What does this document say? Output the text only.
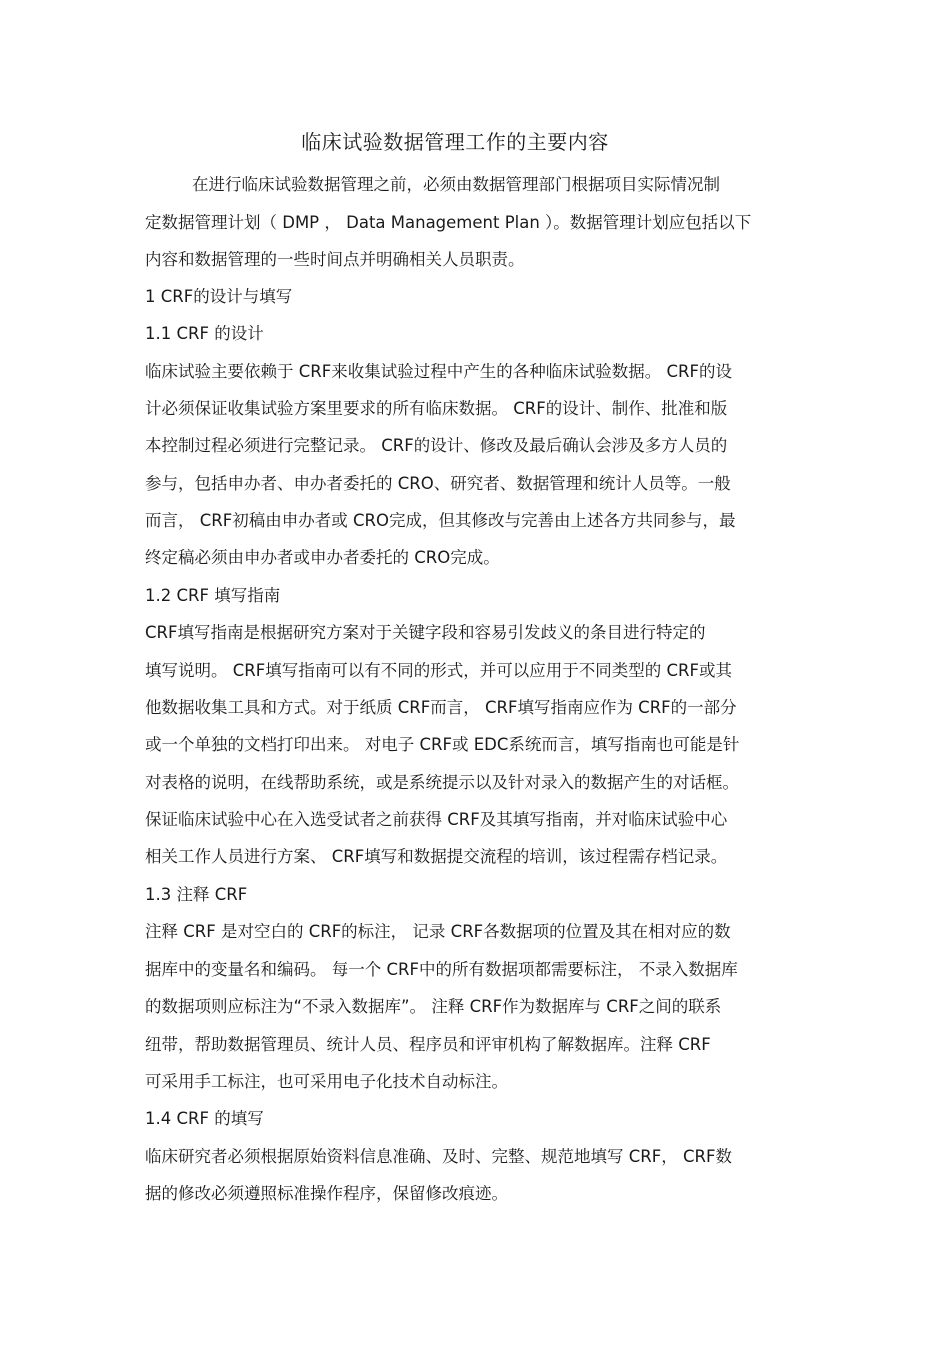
临床试验数据管理工作的主要内容
在进行临床试验数据管理之前，必须由数据管理部门根据项目实际情况制
定数据管理计划（ DMP ， Data Management Plan ）。数据管理计划应包括以下
内容和数据管理的一些时间点并明确相关人员职责。
1 CRF的设计与填写
1.1 CRF 的设计
临床试验主要依赖于 CRF来收集试验过程中产生的各种临床试验数据。 CRF的设
计必须保证收集试验方案里要求的所有临床数据。 CRF的设计、制作、批准和版
本控制过程必须进行完整记录。 CRF的设计、修改及最后确认会涉及多方人员的
参与，包括申办者、申办者委托的 CRO、研究者、数据管理和统计人员等。一般
而言， CRF初稿由申办者或 CRO完成，但其修改与完善由上述各方共同参与，最
终定稿必须由申办者或申办者委托的 CRO完成。
1.2 CRF 填写指南
CRF填写指南是根据研究方案对于关键字段和容易引发歧义的条目进行特定的
填写说明。 CRF填写指南可以有不同的形式，并可以应用于不同类型的 CRF或其
他数据收集工具和方式。对于纸质 CRF而言， CRF填写指南应作为 CRF的一部分
或一个单独的文档打印出来。 对电子 CRF或 EDC系统而言，填写指南也可能是针
对表格的说明，在线帮助系统，或是系统提示以及针对录入的数据产生的对话框。
保证临床试验中心在入选受试者之前获得 CRF及其填写指南，并对临床试验中心
相关工作人员进行方案、 CRF填写和数据提交流程的培训，该过程需存档记录。
1.3 注释 CRF
注释 CRF 是对空白的 CRF的标注， 记录 CRF各数据项的位置及其在相对应的数
据库中的变量名和编码。 每一个 CRF中的所有数据项都需要标注， 不录入数据库
的数据项则应标注为“不录入数据库”。 注释 CRF作为数据库与 CRF之间的联系
纽带，帮助数据管理员、统计人员、程序员和评审机构了解数据库。注释 CRF
可采用手工标注，也可采用电子化技术自动标注。
1.4 CRF 的填写
临床研究者必须根据原始资料信息准确、及时、完整、规范地填写 CRF， CRF数
据的修改必须遵照标准操作程序，保留修改痕迹。
